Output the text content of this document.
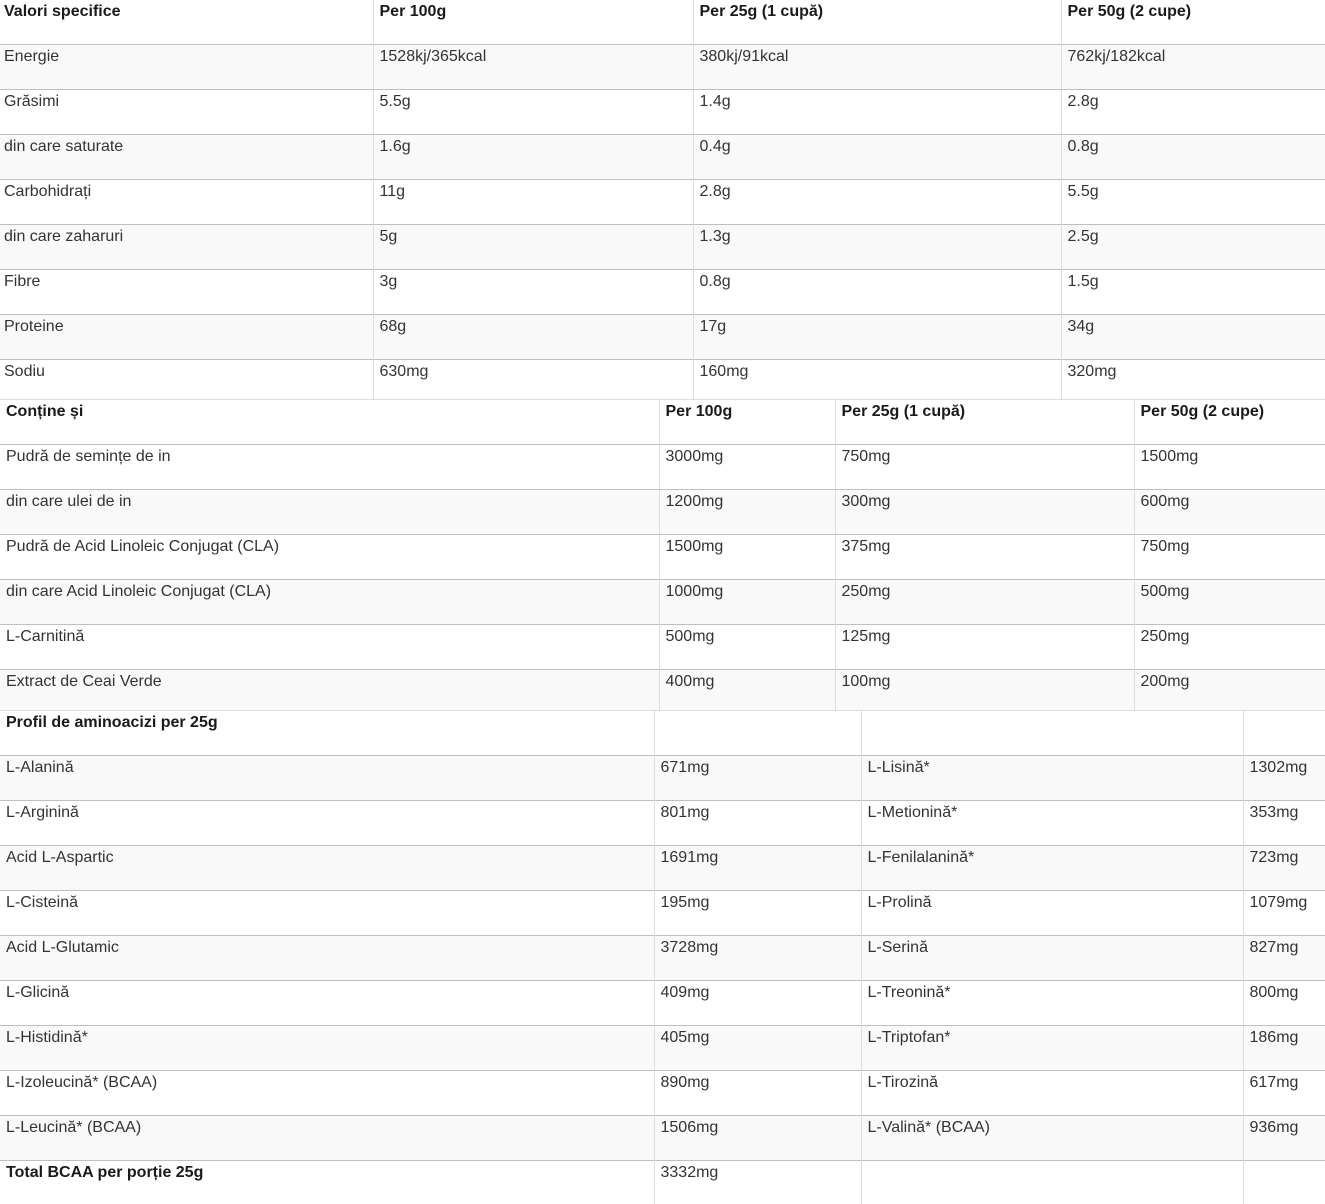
Valori specifice	Per 100g	Per 25g (1 cupă)	Per 50g (2 cupe)
Energie	1528kj/365kcal	380kj/91kcal	762kj/182kcal
Grăsimi	5.5g	1.4g	2.8g
din care saturate	1.6g	0.4g	0.8g
Carbohidrați	11g	2.8g	5.5g
din care zaharuri	5g	1.3g	2.5g
Fibre	3g	0.8g	1.5g
Proteine	68g	17g	34g
Sodiu	630mg	160mg	320mg
Conține și	Per 100g	Per 25g (1 cupă)	Per 50g (2 cupe)
Pudră de semințe de in	3000mg	750mg	1500mg
din care ulei de in	1200mg	300mg	600mg
Pudră de Acid Linoleic Conjugat (CLA)	1500mg	375mg	750mg
din care Acid Linoleic Conjugat (CLA)	1000mg	250mg	500mg
L-Carnitină	500mg	125mg	250mg
Extract de Ceai Verde	400mg	100mg	200mg
Profil de aminoacizi per 25g			
L-Alanină	671mg	L-Lisină*	1302mg
L-Arginină	801mg	L-Metionină*	353mg
Acid L-Aspartic	1691mg	L-Fenilalanină*	723mg
L-Cisteină	195mg	L-Prolină	1079mg
Acid L-Glutamic	3728mg	L-Serină	827mg
L-Glicină	409mg	L-Treonină*	800mg
L-Histidină*	405mg	L-Triptofan*	186mg
L-Izoleucină* (BCAA)	890mg	L-Tirozină	617mg
L-Leucină* (BCAA)	1506mg	L-Valină* (BCAA)	936mg
Total BCAA per porție 25g	3332mg		
